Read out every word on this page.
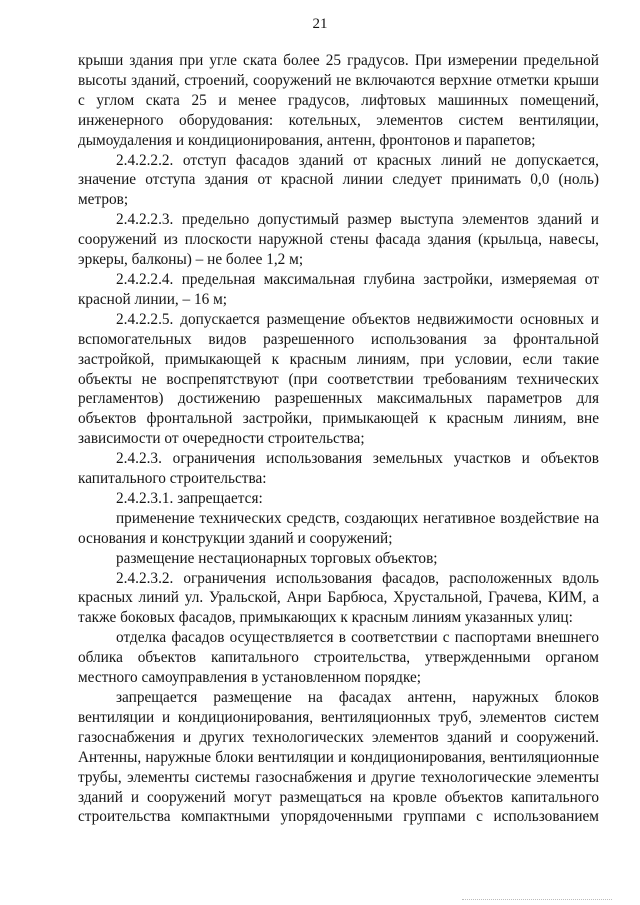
21

крыши здания при угле ската более 25 градусов. При измерении предельной высоты зданий, строений, сооружений не включаются верхние отметки крыши с углом ската 25 и менее градусов, лифтовых машинных помещений, инженерного оборудования: котельных, элементов систем вентиляции, дымоудаления и кондиционирования, антенн, фронтонов и парапетов;

2.4.2.2.2. отступ фасадов зданий от красных линий не допускается, значение отступа здания от красной линии следует принимать 0,0 (ноль) метров;

2.4.2.2.3. предельно допустимый размер выступа элементов зданий и сооружений из плоскости наружной стены фасада здания (крыльца, навесы, эркеры, балконы) – не более 1,2 м;

2.4.2.2.4. предельная максимальная глубина застройки, измеряемая от красной линии, – 16 м;

2.4.2.2.5. допускается размещение объектов недвижимости основных и вспомогательных видов разрешенного использования за фронтальной застройкой, примыкающей к красным линиям, при условии, если такие объекты не воспрепятствуют (при соответствии требованиям технических регламентов) достижению разрешенных максимальных параметров для объектов фронтальной застройки, примыкающей к красным линиям, вне зависимости от очередности строительства;

2.4.2.3. ограничения использования земельных участков и объектов капитального строительства:

2.4.2.3.1. запрещается:

применение технических средств, создающих негативное воздействие на основания и конструкции зданий и сооружений;

размещение нестационарных торговых объектов;

2.4.2.3.2. ограничения использования фасадов, расположенных вдоль красных линий ул. Уральской, Анри Барбюса, Хрустальной, Грачева, КИМ, а также боковых фасадов, примыкающих к красным линиям указанных улиц:

отделка фасадов осуществляется в соответствии с паспортами внешнего облика объектов капитального строительства, утвержденными органом местного самоуправления в установленном порядке;

запрещается размещение на фасадах антенн, наружных блоков вентиляции и кондиционирования, вентиляционных труб, элементов систем газоснабжения и других технологических элементов зданий и сооружений. Антенны, наружные блоки вентиляции и кондиционирования, вентиляционные трубы, элементы системы газоснабжения и другие технологические элементы зданий и сооружений могут размещаться на кровле объектов капитального строительства компактными упорядоченными группами с использованием
